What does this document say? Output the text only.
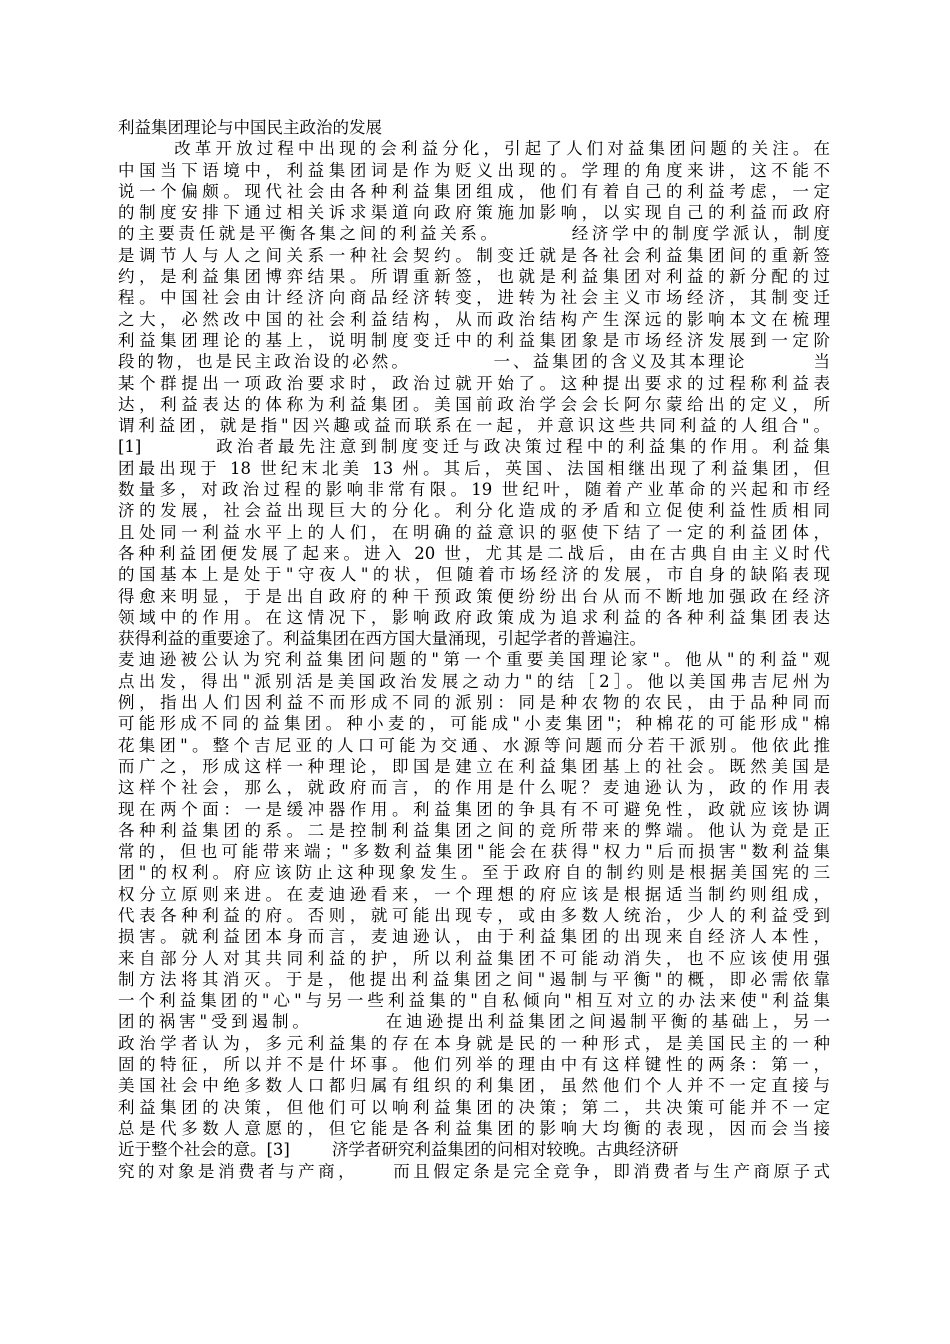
利益集团理论与中国民主政治的发展
改革开放过程中出现的会利益分化，引起了人们对益集团问题的关注。在
中国当下语境中，利益集团词是作为贬义出现的。学理的角度来讲，这不能不
说一个偏颇。现代社会由各种利益集团组成，他们有着自己的利益考虑，一定
的制度安排下通过相关诉求渠道向政府策施加影响，以实现自己的利益而政府
的主要责任就是平衡各集之间的利益关系。        经济学中的制度学派认，制度
是调节人与人之间关系一种社会契约。制变迁就是各社会利益集团间的重新签
约，是利益集团博弈结果。所谓重新签，也就是利益集团对利益的新分配的过
程。中国社会由计经济向商品经济转变，进转为社会主义市场经济，其制变迁
之大，必然改中国的社会利益结构，从而政治结构产生深远的影响本文在梳理
利益集团理论的基上，说明制度变迁中的利益集团象是市场经济发展到一定阶
段的物，也是民主政治设的必然。          一、益集团的含义及其本理论        当
某个群提出一项政治要求时，政治过就开始了。这种提出要求的过程称利益表
达，利益表达的体称为利益集团。美国前政治学会会长阿尔蒙给出的定义，所
谓利益团，就是指"因兴趣或益而联系在一起，并意识这些共同利益的人组合"。
[1]        政治者最先注意到制度变迁与政决策过程中的利益集的作用。利益集
团最出现于 18 世纪末北美 13 州。其后，英国、法国相继出现了利益集团，但
数量多，对政治过程的影响非常有限。19 世纪叶，随着产业革命的兴起和市经
济的发展，社会益出现巨大的分化。利分化造成的矛盾和立促使利益性质相同
且处同一利益水平上的人们，在明确的益意识的驱使下结了一定的利益团体，
各种利益团便发展了起来。进入 20 世，尤其是二战后，由在古典自由主义时代
的国基本上是处于"守夜人"的状，但随着市场经济的发展，市自身的缺陷表现
得愈来明显，于是出自政府的种干预政策便纷纷出台从而不断地加强政在经济
领域中的作用。在这情况下，影响政府政策成为追求利益的各种利益集团表达
获得利益的重要途了。利益集团在西方国大量涌现，引起学者的普遍注。
麦迪逊被公认为究利益集团问题的"第一个重要美国理论家"。他从"的利益"观
点出发，得出"派别活是美国政治发展之动力"的结［2］。他以美国弗吉尼州为
例，指出人们因利益不而形成不同的派别：同是种农物的农民，由于品种同而
可能形成不同的益集团。种小麦的，可能成"小麦集团"；种棉花的可能形成"棉
花集团"。整个吉尼亚的人口可能为交通、水源等问题而分若干派别。他依此推
而广之，形成这样一种理论，即国是建立在利益集团基上的社会。既然美国是
这样个社会，那么，就政府而言，的作用是什么呢？麦迪逊认为，政的作用表
现在两个面：一是缓冲器作用。利益集团的争具有不可避免性，政就应该协调
各种利益集团的系。二是控制利益集团之间的竞所带来的弊端。他认为竞是正
常的，但也可能带来端；"多数利益集团"能会在获得"权力"后而损害"数利益集
团"的权利。府应该防止这种现象发生。至于政府自的制约则是根据美国宪的三
权分立原则来进。在麦迪逊看来，一个理想的府应该是根据适当制约则组成，
代表各种利益的府。否则，就可能出现专，或由多数人统治，少人的利益受到
损害。就利益团本身而言，麦迪逊认，由于利益集团的出现来自经济人本性，
来自部分人对其共同利益的护，所以利益集团不可能动消失，也不应该使用强
制方法将其消灭。于是，他提出利益集团之间"遏制与平衡"的概，即必需依靠
一个利益集团的"心"与另一些利益集的"自私倾向"相互对立的办法来使"利益集
团的祸害"受到遏制。        在迪逊提出利益集团之间遏制平衡的基础上，另一
政治学者认为，多元利益集的存在本身就是民的一种形式，是美国民主的一种
固的特征，所以并不是什坏事。他们列举的理由中有这样键性的两条：第一，
美国社会中绝多数人口都归属有组织的利集团，虽然他们个人并不一定直接与
利益集团的决策，但他们可以响利益集团的决策；第二，共决策可能并不一定
总是代多数人意愿的，但它能是各利益集团的影响大均衡的表现，因而会当接
近于整个社会的意。[3]        济学者研究利益集团的问相对较晚。古典经济研
究的对象是消费者与产商，    而且假定条是完全竞争，即消费者与生产商原子式
